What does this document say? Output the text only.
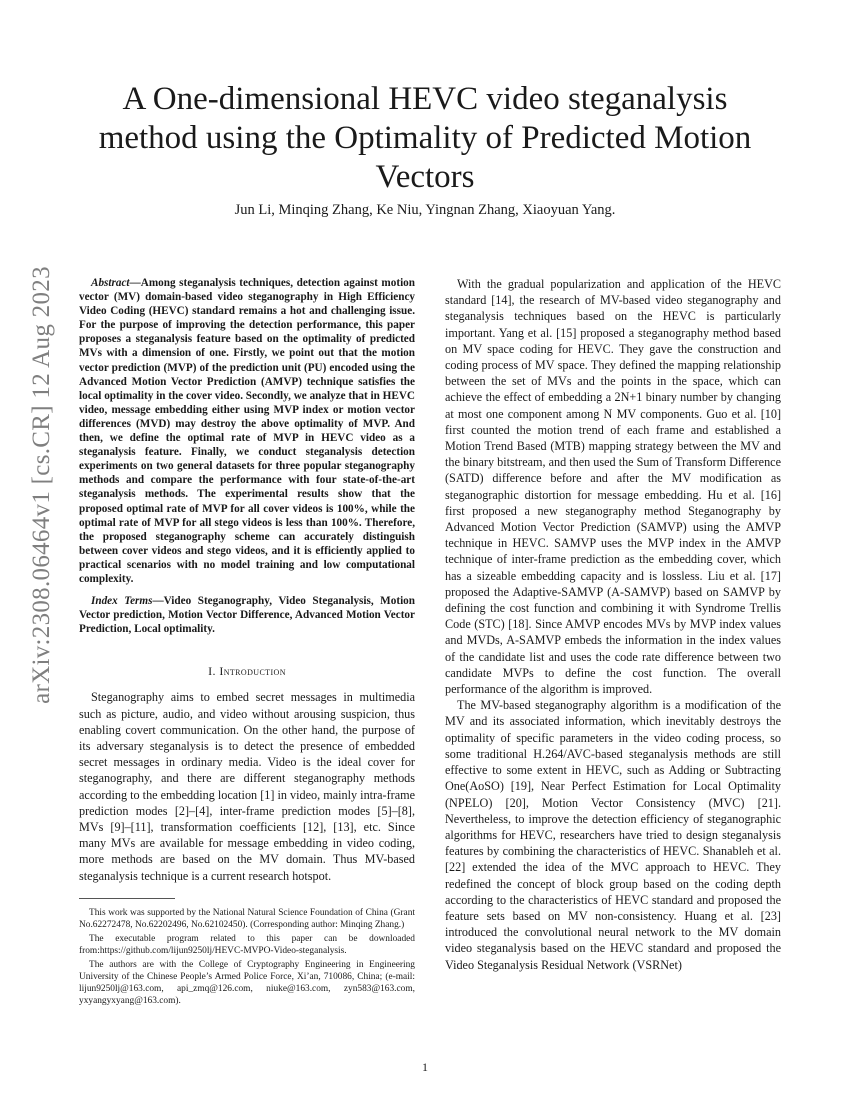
arXiv:2308.06464v1 [cs.CR] 12 Aug 2023
A One-dimensional HEVC video steganalysis method using the Optimality of Predicted Motion Vectors
Jun Li, Minqing Zhang, Ke Niu, Yingnan Zhang, Xiaoyuan Yang.

Abstract—Among steganalysis techniques, detection against motion vector (MV) domain-based video steganography in High Efficiency Video Coding (HEVC) standard remains a hot and challenging issue. For the purpose of improving the detection performance, this paper proposes a steganalysis feature based on the optimality of predicted MVs with a dimension of one. Firstly, we point out that the motion vector prediction (MVP) of the prediction unit (PU) encoded using the Advanced Motion Vector Prediction (AMVP) technique satisfies the local optimality in the cover video. Secondly, we analyze that in HEVC video, message embedding either using MVP index or motion vector differences (MVD) may destroy the above optimality of MVP. And then, we define the optimal rate of MVP in HEVC video as a steganalysis feature. Finally, we conduct steganalysis detection experiments on two general datasets for three popular steganography methods and compare the performance with four state-of-the-art steganalysis methods. The experimental results show that the proposed optimal rate of MVP for all cover videos is 100%, while the optimal rate of MVP for all stego videos is less than 100%. Therefore, the proposed steganography scheme can accurately distinguish between cover videos and stego videos, and it is efficiently applied to practical scenarios with no model training and low computational complexity.

Index Terms—Video Steganography, Video Steganalysis, Motion Vector prediction, Motion Vector Difference, Advanced Motion Vector Prediction, Local optimality.

I. Introduction

Steganography aims to embed secret messages in multimedia such as picture, audio, and video without arousing suspicion, thus enabling covert communication. On the other hand, the purpose of its adversary steganalysis is to detect the presence of embedded secret messages in ordinary media. Video is the ideal cover for steganography, and there are different steganography methods according to the embedding location [1] in video, mainly intra-frame prediction modes [2]–[4], inter-frame prediction modes [5]–[8], MVs [9]–[11], transformation coefficients [12], [13], etc. Since many MVs are available for message embedding in video coding, more methods are based on the MV domain. Thus MV-based steganalysis technique is a current research hotspot.

This work was supported by the National Natural Science Foundation of China (Grant No.62272478, No.62202496, No.62102450). (Corresponding author: Minqing Zhang.)

The executable program related to this paper can be downloaded from:https://github.com/lijun9250lj/HEVC-MVPO-Video-steganalysis.

The authors are with the College of Cryptography Engineering in Engineering University of the Chinese People’s Armed Police Force, Xi’an, 710086, China; (e-mail: lijun9250lj@163.com, api_zmq@126.com, niuke@163.com, zyn583@163.com, yxyangyxyang@163.com).

With the gradual popularization and application of the HEVC standard [14], the research of MV-based video steganography and steganalysis techniques based on the HEVC is particularly important. Yang et al. [15] proposed a steganography method based on MV space coding for HEVC. They gave the construction and coding process of MV space. They defined the mapping relationship between the set of MVs and the points in the space, which can achieve the effect of embedding a 2N+1 binary number by changing at most one component among N MV components. Guo et al. [10] first counted the motion trend of each frame and established a Motion Trend Based (MTB) mapping strategy between the MV and the binary bitstream, and then used the Sum of Transform Difference (SATD) difference before and after the MV modification as steganographic distortion for message embedding. Hu et al. [16] first proposed a new steganography method Steganography by Advanced Motion Vector Prediction (SAMVP) using the AMVP technique in HEVC. SAMVP uses the MVP index in the AMVP technique of inter-frame prediction as the embedding cover, which has a sizeable embedding capacity and is lossless. Liu et al. [17] proposed the Adaptive-SAMVP (A-SAMVP) based on SAMVP by defining the cost function and combining it with Syndrome Trellis Code (STC) [18]. Since AMVP encodes MVs by MVP index values and MVDs, A-SAMVP embeds the information in the index values of the candidate list and uses the code rate difference between two candidate MVPs to define the cost function. The overall performance of the algorithm is improved.

The MV-based steganography algorithm is a modification of the MV and its associated information, which inevitably destroys the optimality of specific parameters in the video coding process, so some traditional H.264/AVC-based steganalysis methods are still effective to some extent in HEVC, such as Adding or Subtracting One(AoSO) [19], Near Perfect Estimation for Local Optimality (NPELO) [20], Motion Vector Consistency (MVC) [21]. Nevertheless, to improve the detection efficiency of steganographic algorithms for HEVC, researchers have tried to design steganalysis features by combining the characteristics of HEVC. Shanableh et al. [22] extended the idea of the MVC approach to HEVC. They redefined the concept of block group based on the coding depth according to the characteristics of HEVC standard and proposed the feature sets based on MV non-consistency. Huang et al. [23] introduced the convolutional neural network to the MV domain video steganalysis based on the HEVC standard and proposed the Video Steganalysis Residual Network (VSRNet)

1
